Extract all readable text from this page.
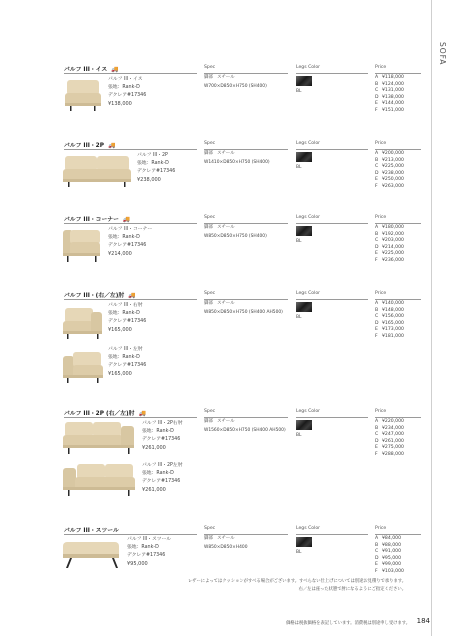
SOFA
パルフ III・イス 🚚	Spec	Legs Color	Price
脚部　スチール
W700×D850×H750 (SH400)
BL
A ¥118,000
B ¥124,000
C ¥131,000
D ¥138,000
E ¥144,000
F ¥151,000
パルフ III・イス
張地：Rank-D
デクレア#17346
¥138,000
パルフ III・2P 🚚	Spec	Legs Color	Price
脚部　スチール
W1410×D850×H750 (SH400)
BL
A ¥200,000
B ¥213,000
C ¥225,000
D ¥238,000
E ¥250,000
F ¥263,000
パルフ III・2P
張地：Rank-D
デクレア#17346
¥238,000
パルフ III・コーナー 🚚	Spec	Legs Color	Price
脚部　スチール
W850×D850×H750 (SH400)
BL
A ¥180,000
B ¥192,000
C ¥203,000
D ¥214,000
E ¥225,000
F ¥236,000
パルフ III・コーナー
張地：Rank-D
デクレア#17346
¥214,000
パルフ III・(右／左)肘 🚚	Spec	Legs Color	Price
脚部　スチール
W850×D850×H750 (SH400 AH500)
BL
A ¥140,000
B ¥148,000
C ¥156,000
D ¥165,000
E ¥173,000
F ¥181,000
パルフ III・右肘
張地：Rank-D
デクレア#17346
¥165,000
パルフ III・左肘
張地：Rank-D
デクレア#17346
¥165,000
パルフ III・2P (右／左)肘 🚚	Spec	Legs Color	Price
脚部　スチール
W1560×D850×H750 (SH400 AH500)
BL
A ¥220,000
B ¥234,000
C ¥247,000
D ¥261,000
E ¥275,000
F ¥288,000
パルフ III・2P右肘
張地：Rank-D
デクレア#17346
¥261,000
パルフ III・2P左肘
張地：Rank-D
デクレア#17346
¥261,000
パルフ III・スツール	Spec	Legs Color	Price
脚部　スチール
W850×D850×H400
BL
A ¥84,000
B ¥88,000
C ¥91,000
D ¥95,000
E ¥99,000
F ¥103,000
パルフ III・スツール
張地：Rank-D
デクレア#17346
¥95,000
レザーによってはクッションがすべる場合がございます。すべらない仕上げについては別途お見積りで承ります。
右／左は座った状態で肘になるようにご指定ください。
価格は税抜価格を表記しています。消費税は別途申し受けます。 184
